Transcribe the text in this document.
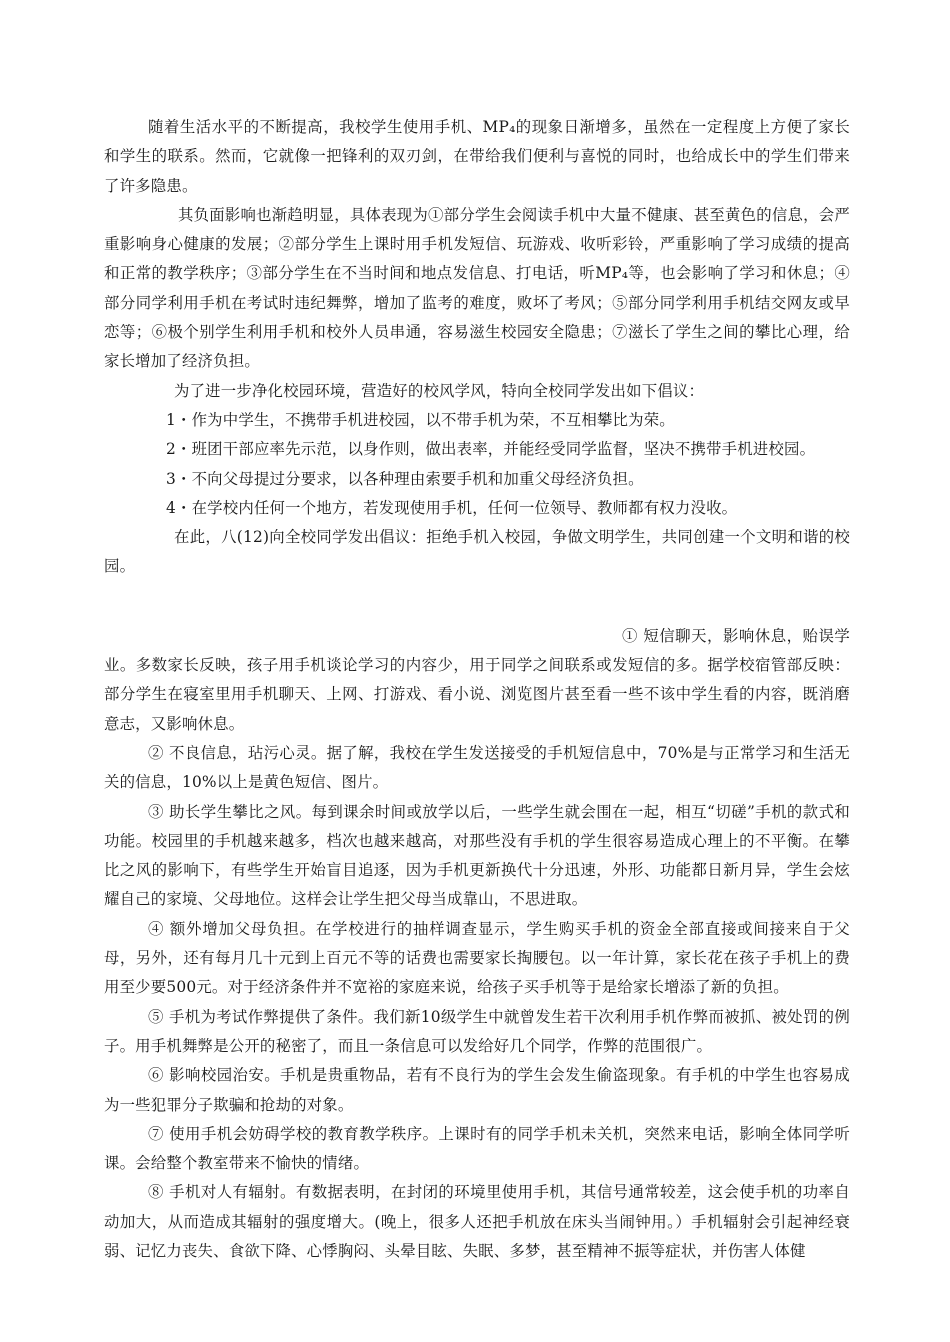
随着生活水平的不断提高，我校学生使用手机、MP₄的现象日渐增多，虽然在一定程度上方便了家长和学生的联系。然而，它就像一把锋利的双刃剑，在带给我们便利与喜悦的同时，也给成长中的学生们带来了许多隐患。

其负面影响也渐趋明显，具体表现为①部分学生会阅读手机中大量不健康、甚至黄色的信息，会严重影响身心健康的发展；②部分学生上课时用手机发短信、玩游戏、收听彩铃，严重影响了学习成绩的提高和正常的教学秩序；③部分学生在不当时间和地点发信息、打电话，听MP₄等，也会影响了学习和休息；④部分同学利用手机在考试时违纪舞弊，增加了监考的难度，败坏了考风；⑤部分同学利用手机结交网友或早恋等；⑥极个别学生利用手机和校外人员串通，容易滋生校园安全隐患；⑦滋长了学生之间的攀比心理，给家长增加了经济负担。

为了进一步净化校园环境，营造好的校风学风，特向全校同学发出如下倡议：

1・作为中学生，不携带手机进校园，以不带手机为荣，不互相攀比为荣。
2・班团干部应率先示范，以身作则，做出表率，并能经受同学监督，坚决不携带手机进校园。
3・不向父母提过分要求，以各种理由索要手机和加重父母经济负担。
4・在学校内任何一个地方，若发现使用手机，任何一位领导、教师都有权力没收。

在此，八(12)向全校同学发出倡议：拒绝手机入校园，争做文明学生，共同创建一个文明和谐的校园。

① 短信聊天，影响休息，贻误学业。多数家长反映，孩子用手机谈论学习的内容少，用于同学之间联系或发短信的多。据学校宿管部反映：部分学生在寝室里用手机聊天、上网、打游戏、看小说、浏览图片甚至看一些不该中学生看的内容，既消磨意志，又影响休息。

② 不良信息，玷污心灵。据了解，我校在学生发送接受的手机短信息中，70%是与正常学习和生活无关的信息，10%以上是黄色短信、图片。

③ 助长学生攀比之风。每到课余时间或放学以后，一些学生就会围在一起，相互“切磋”手机的款式和功能。校园里的手机越来越多，档次也越来越高，对那些没有手机的学生很容易造成心理上的不平衡。在攀比之风的影响下，有些学生开始盲目追逐，因为手机更新换代十分迅速，外形、功能都日新月异，学生会炫耀自己的家境、父母地位。这样会让学生把父母当成靠山，不思进取。

④ 额外增加父母负担。在学校进行的抽样调查显示，学生购买手机的资金全部直接或间接来自于父母，另外，还有每月几十元到上百元不等的话费也需要家长掏腰包。以一年计算，家长花在孩子手机上的费用至少要500元。对于经济条件并不宽裕的家庭来说，给孩子买手机等于是给家长增添了新的负担。

⑤ 手机为考试作弊提供了条件。我们新10级学生中就曾发生若干次利用手机作弊而被抓、被处罚的例子。用手机舞弊是公开的秘密了，而且一条信息可以发给好几个同学，作弊的范围很广。

⑥ 影响校园治安。手机是贵重物品，若有不良行为的学生会发生偷盗现象。有手机的中学生也容易成为一些犯罪分子欺骗和抢劫的对象。

⑦ 使用手机会妨碍学校的教育教学秩序。上课时有的同学手机未关机，突然来电话，影响全体同学听课。会给整个教室带来不愉快的情绪。

⑧ 手机对人有辐射。有数据表明，在封闭的环境里使用手机，其信号通常较差，这会使手机的功率自动加大，从而造成其辐射的强度增大。(晚上，很多人还把手机放在床头当闹钟用。）手机辐射会引起神经衰弱、记忆力丧失、食欲下降、心悸胸闷、头晕目眩、失眠、多梦，甚至精神不振等症状，并伤害人体健
